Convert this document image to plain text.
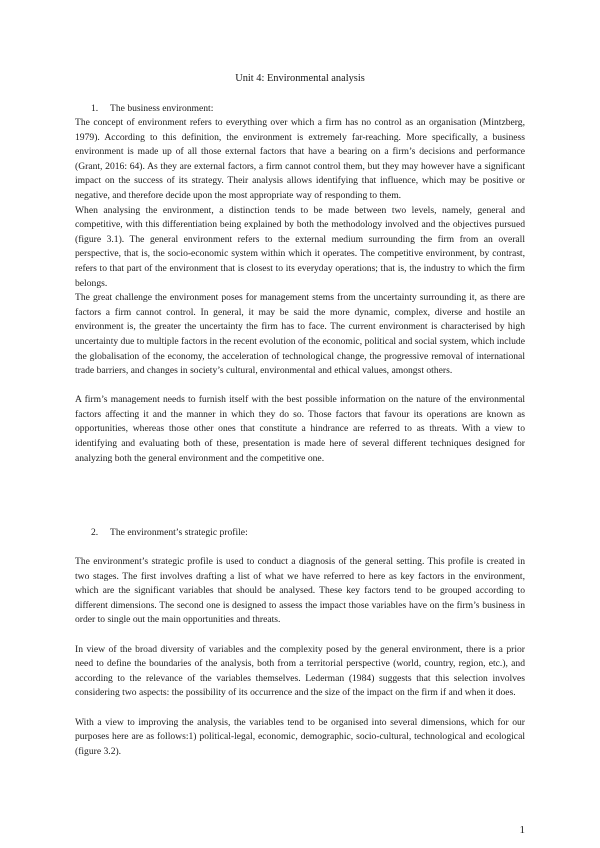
Unit 4: Environmental analysis
1. The business environment:

The concept of environment refers to everything over which a firm has no control as an organisation (Mintzberg, 1979). According to this definition, the environment is extremely far-reaching. More specifically, a business environment is made up of all those external factors that have a bearing on a firm’s decisions and performance (Grant, 2016: 64). As they are external factors, a firm cannot control them, but they may however have a significant impact on the success of its strategy. Their analysis allows identifying that influence, which may be positive or negative, and therefore decide upon the most appropriate way of responding to them.

When analysing the environment, a distinction tends to be made between two levels, namely, general and competitive, with this differentiation being explained by both the methodology involved and the objectives pursued (figure 3.1). The general environment refers to the external medium surrounding the firm from an overall perspective, that is, the socio-economic system within which it operates. The competitive environment, by contrast, refers to that part of the environment that is closest to its everyday operations; that is, the industry to which the firm belongs.

The great challenge the environment poses for management stems from the uncertainty surrounding it, as there are factors a firm cannot control. In general, it may be said the more dynamic, complex, diverse and hostile an environment is, the greater the uncertainty the firm has to face. The current environment is characterised by high uncertainty due to multiple factors in the recent evolution of the economic, political and social system, which include the globalisation of the economy, the acceleration of technological change, the progressive removal of international trade barriers, and changes in society’s cultural, environmental and ethical values, amongst others.

A firm’s management needs to furnish itself with the best possible information on the nature of the environmental factors affecting it and the manner in which they do so. Those factors that favour its operations are known as opportunities, whereas those other ones that constitute a hindrance are referred to as threats. With a view to identifying and evaluating both of these, presentation is made here of several different techniques designed for analyzing both the general environment and the competitive one.

2. The environment’s strategic profile:

The environment’s strategic profile is used to conduct a diagnosis of the general setting. This profile is created in two stages. The first involves drafting a list of what we have referred to here as key factors in the environment, which are the significant variables that should be analysed. These key factors tend to be grouped according to different dimensions. The second one is designed to assess the impact those variables have on the firm’s business in order to single out the main opportunities and threats.

In view of the broad diversity of variables and the complexity posed by the general environment, there is a prior need to define the boundaries of the analysis, both from a territorial perspective (world, country, region, etc.), and according to the relevance of the variables themselves. Lederman (1984) suggests that this selection involves considering two aspects: the possibility of its occurrence and the size of the impact on the firm if and when it does.

With a view to improving the analysis, the variables tend to be organised into several dimensions, which for our purposes here are as follows:1) political-legal, economic, demographic, socio-cultural, technological and ecological (figure 3.2).

1
